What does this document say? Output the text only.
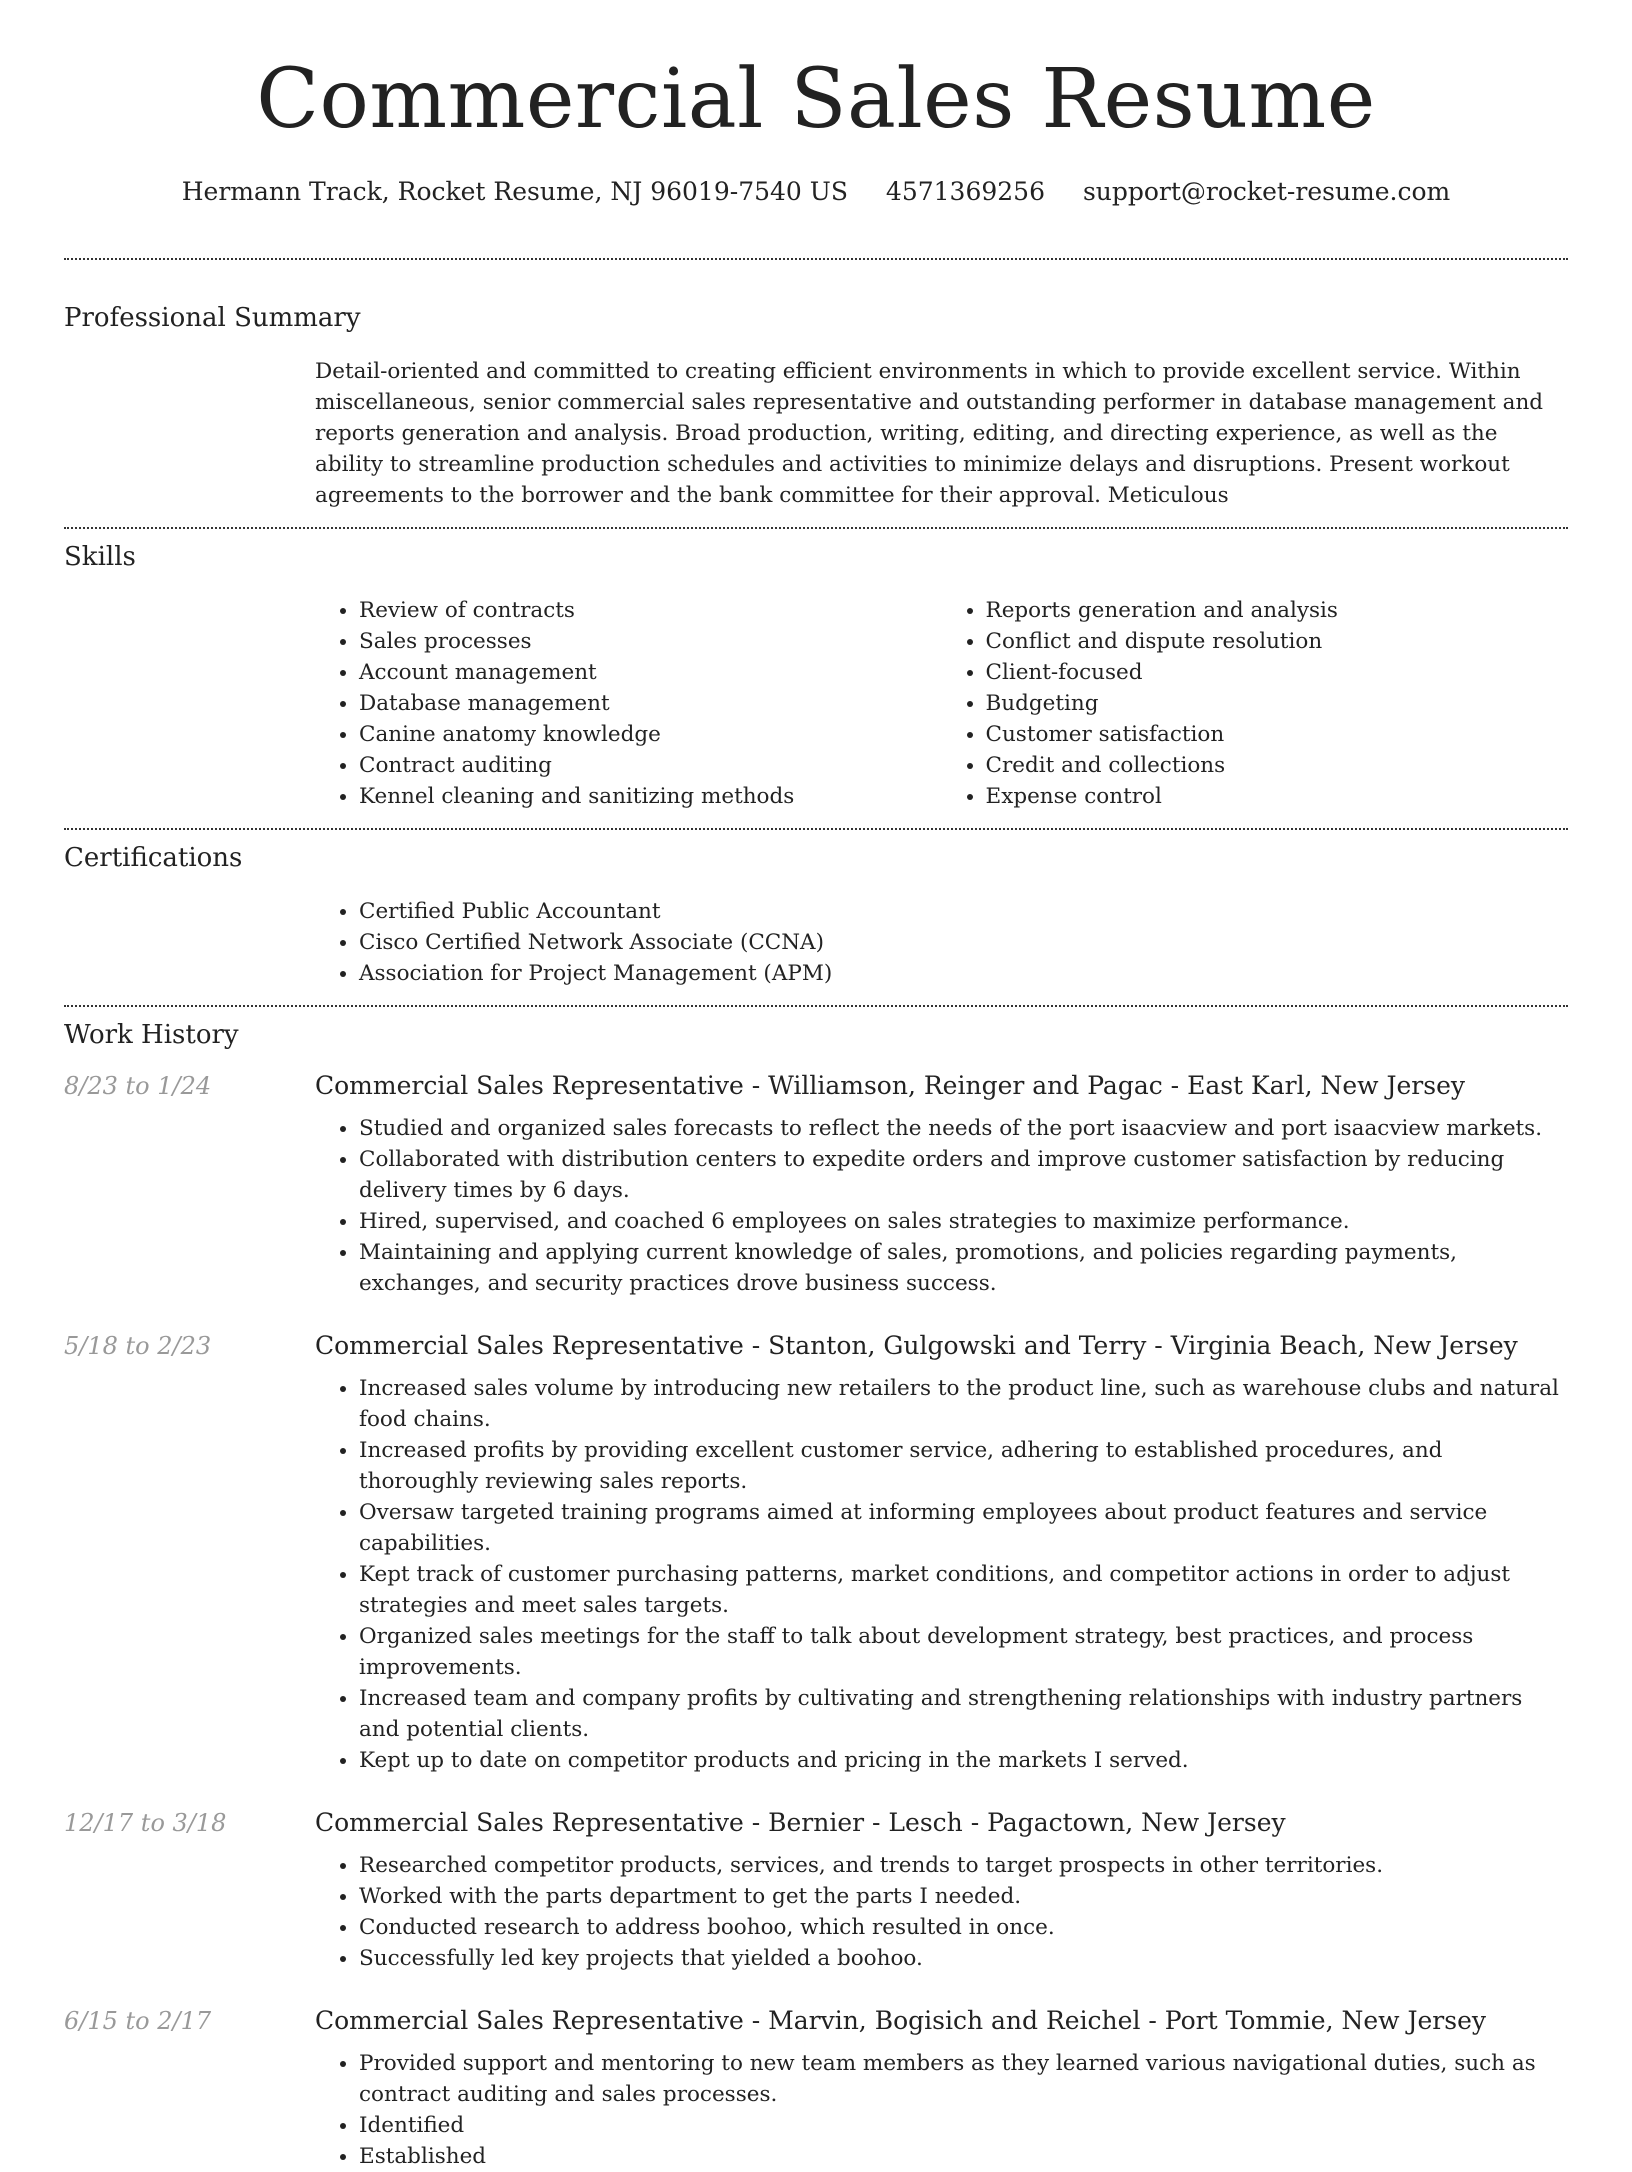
Commercial Sales Resume
Hermann Track, Rocket Resume, NJ 96019-7540 US 4571369256 support@rocket-resume.com
Professional Summary
Detail-oriented and committed to creating efficient environments in which to provide excellent service. Within miscellaneous, senior commercial sales representative and outstanding performer in database management and reports generation and analysis. Broad production, writing, editing, and directing experience, as well as the ability to streamline production schedules and activities to minimize delays and disruptions. Present workout agreements to the borrower and the bank committee for their approval. Meticulous
Skills
• Review of contracts
• Sales processes
• Account management
• Database management
• Canine anatomy knowledge
• Contract auditing
• Kennel cleaning and sanitizing methods
• Reports generation and analysis
• Conflict and dispute resolution
• Client-focused
• Budgeting
• Customer satisfaction
• Credit and collections
• Expense control
Certifications
• Certified Public Accountant
• Cisco Certified Network Associate (CCNA)
• Association for Project Management (APM)
Work History
8/23 to 1/24	Commercial Sales Representative - Williamson, Reinger and Pagac - East Karl, New Jersey
• Studied and organized sales forecasts to reflect the needs of the port isaacview and port isaacview markets.
• Collaborated with distribution centers to expedite orders and improve customer satisfaction by reducing delivery times by 6 days.
• Hired, supervised, and coached 6 employees on sales strategies to maximize performance.
• Maintaining and applying current knowledge of sales, promotions, and policies regarding payments, exchanges, and security practices drove business success.
5/18 to 2/23	Commercial Sales Representative - Stanton, Gulgowski and Terry - Virginia Beach, New Jersey
• Increased sales volume by introducing new retailers to the product line, such as warehouse clubs and natural food chains.
• Increased profits by providing excellent customer service, adhering to established procedures, and thoroughly reviewing sales reports.
• Oversaw targeted training programs aimed at informing employees about product features and service capabilities.
• Kept track of customer purchasing patterns, market conditions, and competitor actions in order to adjust strategies and meet sales targets.
• Organized sales meetings for the staff to talk about development strategy, best practices, and process improvements.
• Increased team and company profits by cultivating and strengthening relationships with industry partners and potential clients.
• Kept up to date on competitor products and pricing in the markets I served.
12/17 to 3/18	Commercial Sales Representative - Bernier - Lesch - Pagactown, New Jersey
• Researched competitor products, services, and trends to target prospects in other territories.
• Worked with the parts department to get the parts I needed.
• Conducted research to address boohoo, which resulted in once.
• Successfully led key projects that yielded a boohoo.
6/15 to 2/17	Commercial Sales Representative - Marvin, Bogisich and Reichel - Port Tommie, New Jersey
• Provided support and mentoring to new team members as they learned various navigational duties, such as contract auditing and sales processes.
• Identified
• Established
